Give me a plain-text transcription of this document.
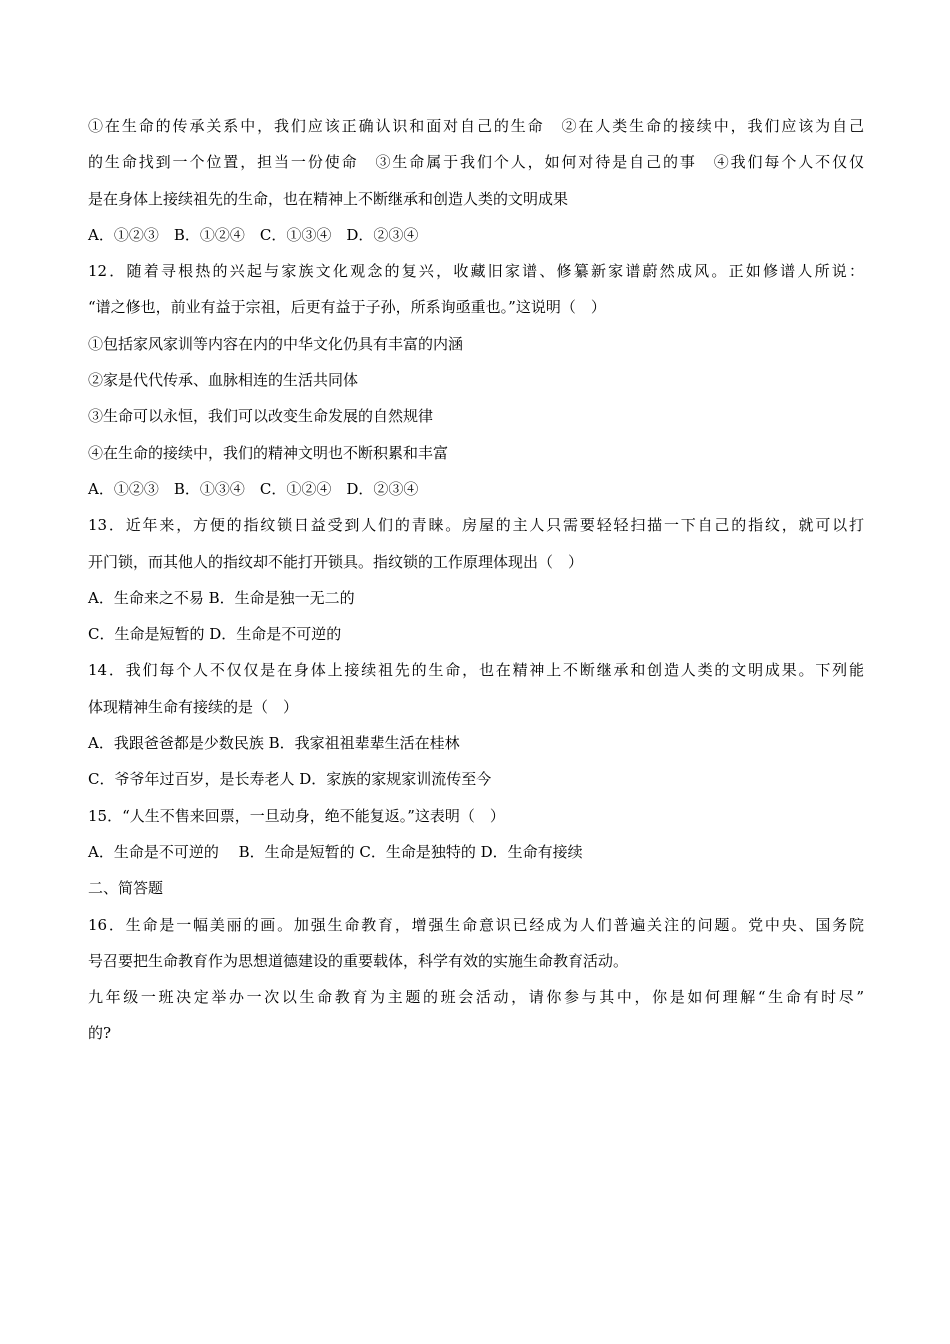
①在生命的传承关系中，我们应该正确认识和面对自己的生命　②在人类生命的接续中，我们应该为自己
的生命找到一个位置，担当一份使命　③生命属于我们个人，如何对待是自己的事　④我们每个人不仅仅
是在身体上接续祖先的生命，也在精神上不断继承和创造人类的文明成果
A．①②③　B．①②④　C．①③④　D．②③④
12．随着寻根热的兴起与家族文化观念的复兴，收藏旧家谱、修纂新家谱蔚然成风。正如修谱人所说：
“谱之修也，前业有益于宗祖，后更有益于子孙，所系询亟重也。”这说明（　）
①包括家风家训等内容在内的中华文化仍具有丰富的内涵
②家是代代传承、血脉相连的生活共同体
③生命可以永恒，我们可以改变生命发展的自然规律
④在生命的接续中，我们的精神文明也不断积累和丰富
A．①②③　B．①③④　C．①②④　D．②③④
13．近年来，方便的指纹锁日益受到人们的青睐。房屋的主人只需要轻轻扫描一下自己的指纹，就可以打
开门锁，而其他人的指纹却不能打开锁具。指纹锁的工作原理体现出（　）
A．生命来之不易 B．生命是独一无二的
C．生命是短暂的 D．生命是不可逆的
14．我们每个人不仅仅是在身体上接续祖先的生命，也在精神上不断继承和创造人类的文明成果。下列能
体现精神生命有接续的是（　）
A．我跟爸爸都是少数民族 B．我家祖祖辈辈生活在桂林
C．爷爷年过百岁，是长寿老人 D．家族的家规家训流传至今
15．“人生不售来回票，一旦动身，绝不能复返。”这表明（　）
A．生命是不可逆的　 B．生命是短暂的 C．生命是独特的 D．生命有接续
二、简答题
16．生命是一幅美丽的画。加强生命教育，增强生命意识已经成为人们普遍关注的问题。党中央、国务院
号召要把生命教育作为思想道德建设的重要载体，科学有效的实施生命教育活动。
九年级一班决定举办一次以生命教育为主题的班会活动，请你参与其中，你是如何理解“生命有时尽”
的?
